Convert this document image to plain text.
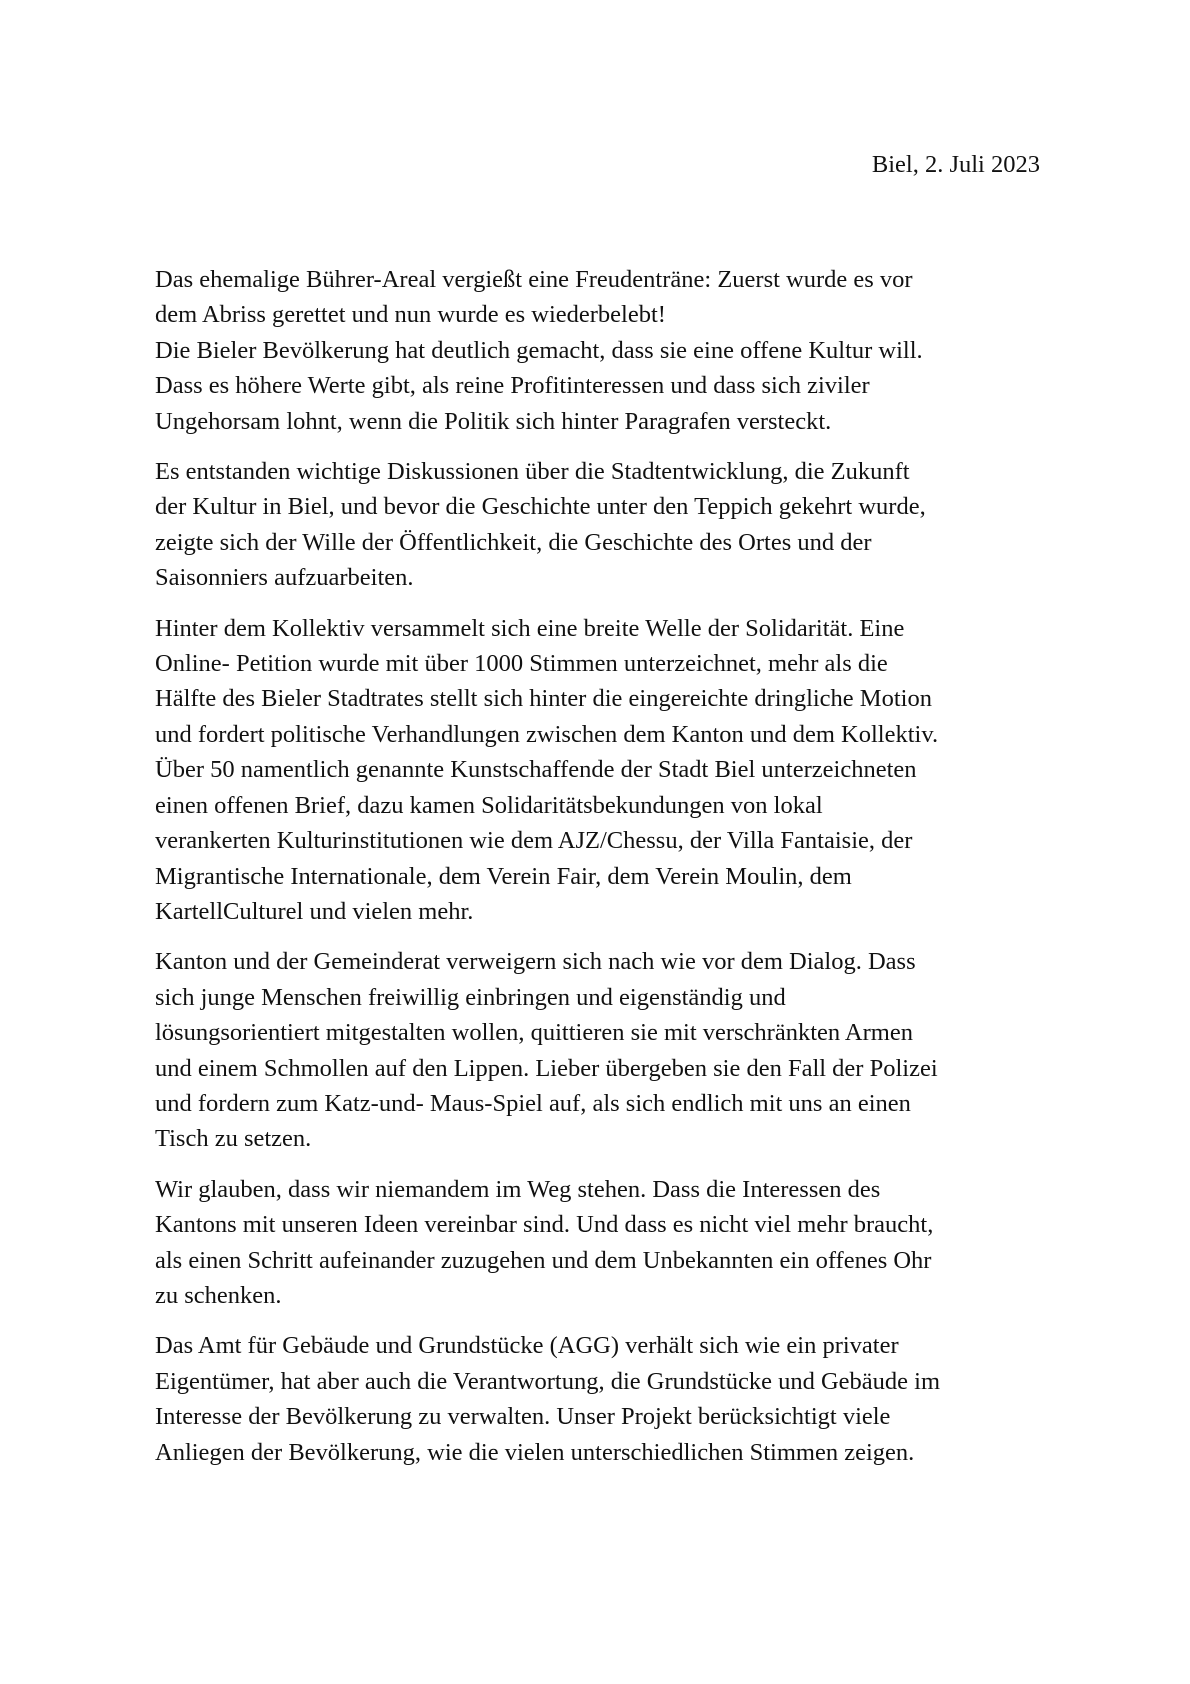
Biel, 2. Juli 2023

Das ehemalige Bührer-Areal vergießt eine Freudenträne: Zuerst wurde es vor
dem Abriss gerettet und nun wurde es wiederbelebt!
Die Bieler Bevölkerung hat deutlich gemacht, dass sie eine offene Kultur will.
Dass es höhere Werte gibt, als reine Profitinteressen und dass sich ziviler
Ungehorsam lohnt, wenn die Politik sich hinter Paragrafen versteckt.

Es entstanden wichtige Diskussionen über die Stadtentwicklung, die Zukunft
der Kultur in Biel, und bevor die Geschichte unter den Teppich gekehrt wurde,
zeigte sich der Wille der Öffentlichkeit, die Geschichte des Ortes und der
Saisonniers aufzuarbeiten.

Hinter dem Kollektiv versammelt sich eine breite Welle der Solidarität. Eine
Online- Petition wurde mit über 1000 Stimmen unterzeichnet, mehr als die
Hälfte des Bieler Stadtrates stellt sich hinter die eingereichte dringliche Motion
und fordert politische Verhandlungen zwischen dem Kanton und dem Kollektiv.
Über 50 namentlich genannte Kunstschaffende der Stadt Biel unterzeichneten
einen offenen Brief, dazu kamen Solidaritätsbekundungen von lokal
verankerten Kulturinstitutionen wie dem AJZ/Chessu, der Villa Fantaisie, der
Migrantische Internationale, dem Verein Fair, dem Verein Moulin, dem
KartellCulturel und vielen mehr.

Kanton und der Gemeinderat verweigern sich nach wie vor dem Dialog. Dass
sich junge Menschen freiwillig einbringen und eigenständig und
lösungsorientiert mitgestalten wollen, quittieren sie mit verschränkten Armen
und einem Schmollen auf den Lippen. Lieber übergeben sie den Fall der Polizei
und fordern zum Katz-und- Maus-Spiel auf, als sich endlich mit uns an einen
Tisch zu setzen.

Wir glauben, dass wir niemandem im Weg stehen. Dass die Interessen des
Kantons mit unseren Ideen vereinbar sind. Und dass es nicht viel mehr braucht,
als einen Schritt aufeinander zuzugehen und dem Unbekannten ein offenes Ohr
zu schenken.

Das Amt für Gebäude und Grundstücke (AGG) verhält sich wie ein privater
Eigentümer, hat aber auch die Verantwortung, die Grundstücke und Gebäude im
Interesse der Bevölkerung zu verwalten. Unser Projekt berücksichtigt viele
Anliegen der Bevölkerung, wie die vielen unterschiedlichen Stimmen zeigen.
